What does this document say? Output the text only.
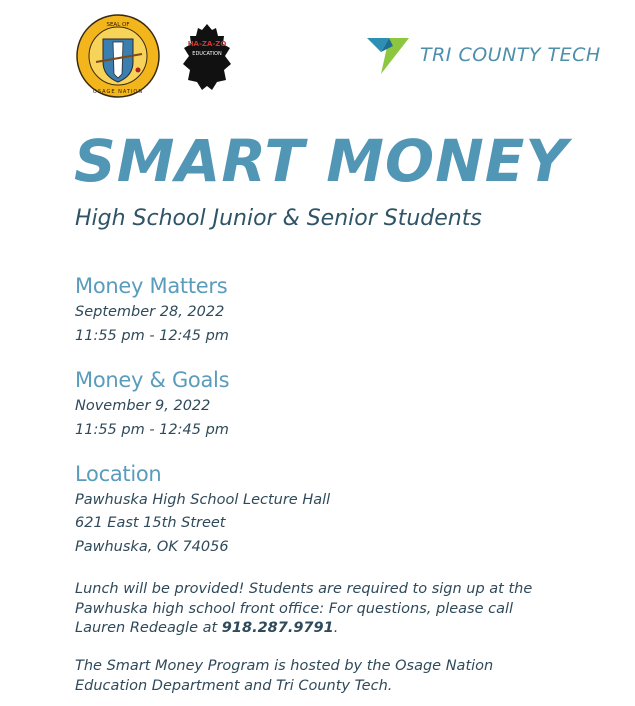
SEAL OF
OSAGE NATION
HA-ZA-ZO
EDUCATION	TRI COUNTY TECH
SMART MONEY
High School Junior & Senior Students
Money Matters
September 28, 2022
11:55 pm - 12:45 pm
Money & Goals
November 9, 2022
11:55 pm - 12:45 pm
Location
Pawhuska High School Lecture Hall
621 East 15th Street
Pawhuska, OK 74056
Lunch will be provided! Students are required to sign up at the
Pawhuska high school front office: For questions, please call
Lauren Redeagle at 918.287.9791.
The Smart Money Program is hosted by the Osage Nation
Education Department and Tri County Tech.
